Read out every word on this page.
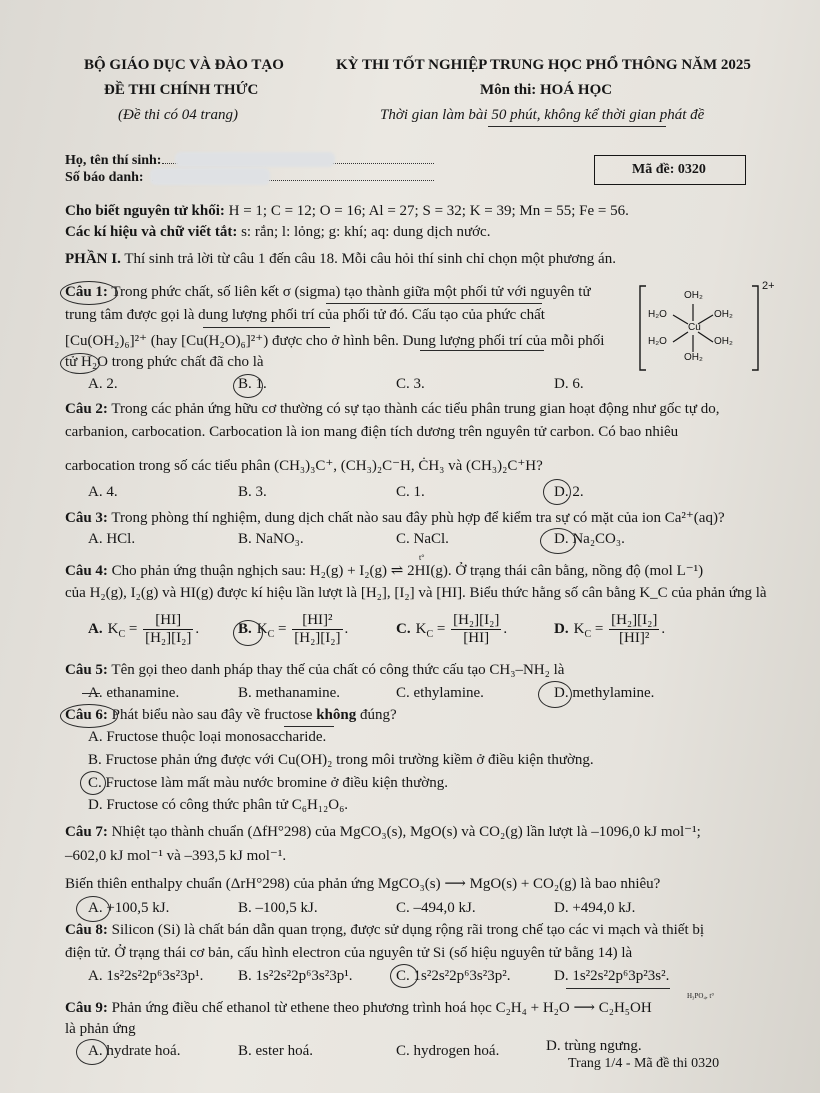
BỘ GIÁO DỤC VÀ ĐÀO TẠO	KỲ THI TỐT NGHIỆP TRUNG HỌC PHỔ THÔNG NĂM 2025
ĐỀ THI CHÍNH THỨC	Môn thi: HOÁ HỌC
(Đề thi có 04 trang)	Thời gian làm bài 50 phút, không kể thời gian phát đề
Họ, tên thí sinh:
Số báo danh:
Mã đề: 0320
Cho biết nguyên tử khối: H = 1; C = 12; O = 16; Al = 27; S = 32; K = 39; Mn = 55; Fe = 56.
Các kí hiệu và chữ viết tắt: s: rắn; l: lỏng; g: khí; aq: dung dịch nước.
PHẦN I. Thí sinh trả lời từ câu 1 đến câu 18. Mỗi câu hỏi thí sinh chỉ chọn một phương án.
Câu 1: Trong phức chất, số liên kết σ (sigma) tạo thành giữa một phối tử với nguyên tử
trung tâm được gọi là dung lượng phối trí của phối tử đó. Cấu tạo của phức chất
[Cu(OH₂)₆]²⁺ (hay [Cu(H₂O)₆]²⁺) được cho ở hình bên. Dung lượng phối trí của mỗi phối
tử H₂O trong phức chất đã cho là
OH₂
H₂O	OH₂
Cu
H₂O	OH₂
OH₂
2+
A. 2.	B. 1.	C. 3.	D. 6.
Câu 2: Trong các phản ứng hữu cơ thường có sự tạo thành các tiểu phân trung gian hoạt động như gốc tự do,
carbanion, carbocation. Carbocation là ion mang điện tích dương trên nguyên tử carbon. Có bao nhiêu
carbocation trong số các tiểu phân (CH₃)₃C⁺, (CH₃)₂C⁻H, ĊH₃ và (CH₃)₂C⁺H?
A. 4.	B. 3.	C. 1.	D. 2.
Câu 3: Trong phòng thí nghiệm, dung dịch chất nào sau đây phù hợp để kiểm tra sự có mặt của ion Ca²⁺(aq)?
A. HCl.	B. NaNO₃.	C. NaCl.	D. Na₂CO₃.
Câu 4: Cho phản ứng thuận nghịch sau: H₂(g) + I₂(g) ⇌ 2HI(g). Ở trạng thái cân bằng, nồng độ (mol L⁻¹)
t°
của H₂(g), I₂(g) và HI(g) được kí hiệu lần lượt là [H₂], [I₂] và [HI]. Biểu thức hằng số cân bằng K_C của phản ứng là
A. $K_C = \frac{[HI]}{\text{[H₂][I₂]}}$ .	B. $K_C = \frac{\text{[HI]²}}{\text{[H₂][I₂]}}$ .	C. $K_C = \frac{\text{[H₂][I₂]}}{[HI]}$ .	D. $K_C = \frac{\text{[H₂][I₂]}}{\text{[HI]²}}$ .
Câu 5: Tên gọi theo danh pháp thay thế của chất có công thức cấu tạo CH₃–NH₂ là
A. ethanamine.	B. methanamine.	C. ethylamine.	D. methylamine.
Câu 6: Phát biểu nào sau đây về fructose không đúng?
A. Fructose thuộc loại monosaccharide.
B. Fructose phản ứng được với Cu(OH)₂ trong môi trường kiềm ở điều kiện thường.
C. Fructose làm mất màu nước bromine ở điều kiện thường.
D. Fructose có công thức phân tử C₆H₁₂O₆.
Câu 7: Nhiệt tạo thành chuẩn (ΔfH°298) của MgCO₃(s), MgO(s) và CO₂(g) lần lượt là –1096,0 kJ mol⁻¹;
–602,0 kJ mol⁻¹ và –393,5 kJ mol⁻¹.
Biến thiên enthalpy chuẩn (ΔrH°298) của phản ứng MgCO₃(s) ⟶ MgO(s) + CO₂(g) là bao nhiêu?
A. +100,5 kJ.	B. –100,5 kJ.	C. –494,0 kJ.	D. +494,0 kJ.
Câu 8: Silicon (Si) là chất bán dẫn quan trọng, được sử dụng rộng rãi trong chế tạo các vi mạch và thiết bị
điện tử. Ở trạng thái cơ bản, cấu hình electron của nguyên tử Si (số hiệu nguyên tử bằng 14) là
A. 1s²2s²2p⁶3s²3p¹. B. 1s²2s²2p⁶3s²3p¹.	C. 1s²2s²2p⁶3s²3p².	D. 1s²2s²2p⁶3p²3s².
Câu 9: Phản ứng điều chế ethanol từ ethene theo phương trình hoá học C₂H₄ + H₂O ⟶ C₂H₅OH
H₃PO₄, t°
là phản ứng
A. hydrate hoá.	B. ester hoá.	C. hydrogen hoá.	D. trùng ngưng.
Trang 1/4 - Mã đề thi 0320
